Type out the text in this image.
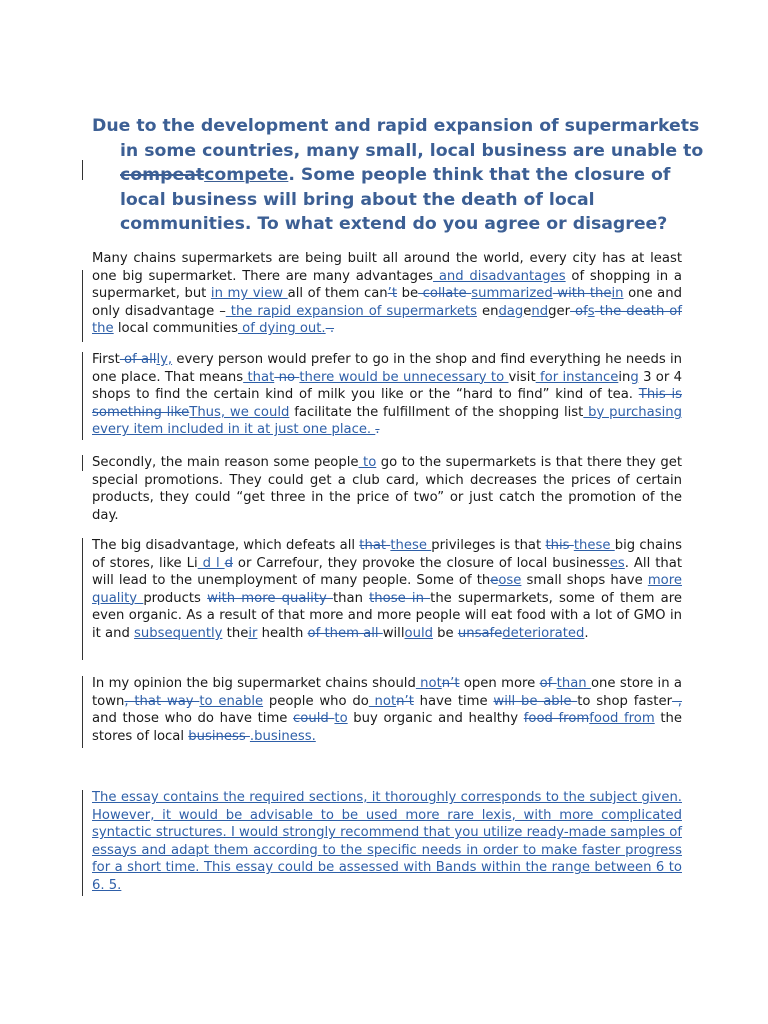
Due to the development and rapid expansion of supermarkets in some countries, many small, local business are unable to compeatcompete. Some people think that the closure of local business will bring about the death of local communities. To what extend do you agree or disagree?

Many chains supermarkets are being built all around the world, every city has at least one big supermarket. There are many advantages and disadvantages of shopping in a supermarket, but in my view all of them can’t be collate summarized with thein one and only disadvantage – the rapid expansion of supermarkets endagendger ofs the death of the local communities of dying out. .

First of allly, every person would prefer to go in the shop and find everything he needs in one place. That means that no there would be unnecessary to visit for instanceing 3 or 4 shops to find the certain kind of milk you like or the “hard to find” kind of tea. This is something likeThus, we could facilitate the fulfillment of the shopping list by purchasing every item included in it at just one place. .

Secondly, the main reason some people to go to the supermarkets is that there they get special promotions. They could get a club card, which decreases the prices of certain products, they could “get three in the price of two” or just catch the promotion of the day.

The big disadvantage, which defeats all that these privileges is that this these big chains of stores, like Li d l d or Carrefour, they provoke the closure of local businesses. All that will lead to the unemployment of many people. Some of theose small shops have more quality products with more quality than those in the supermarkets, some of them are even organic. As a result of that more and more people will eat food with a lot of GMO in it and subsequently their health of them all willould be unsafedeteriorated.

In my opinion the big supermarket chains should notn’t open more of than one store in a town, that way to enable people who do notn’t have time will be able to shop faster , and those who do have time could to buy organic and healthy food fromfood from the stores of local business .business.

The essay contains the required sections, it thoroughly corresponds to the subject given. However, it would be advisable to be used more rare lexis, with more complicated syntactic structures. I would strongly recommend that you utilize ready-made samples of essays and adapt them according to the specific needs in order to make faster progress for a short time. This essay could be assessed with Bands within the range between 6 to 6. 5.
